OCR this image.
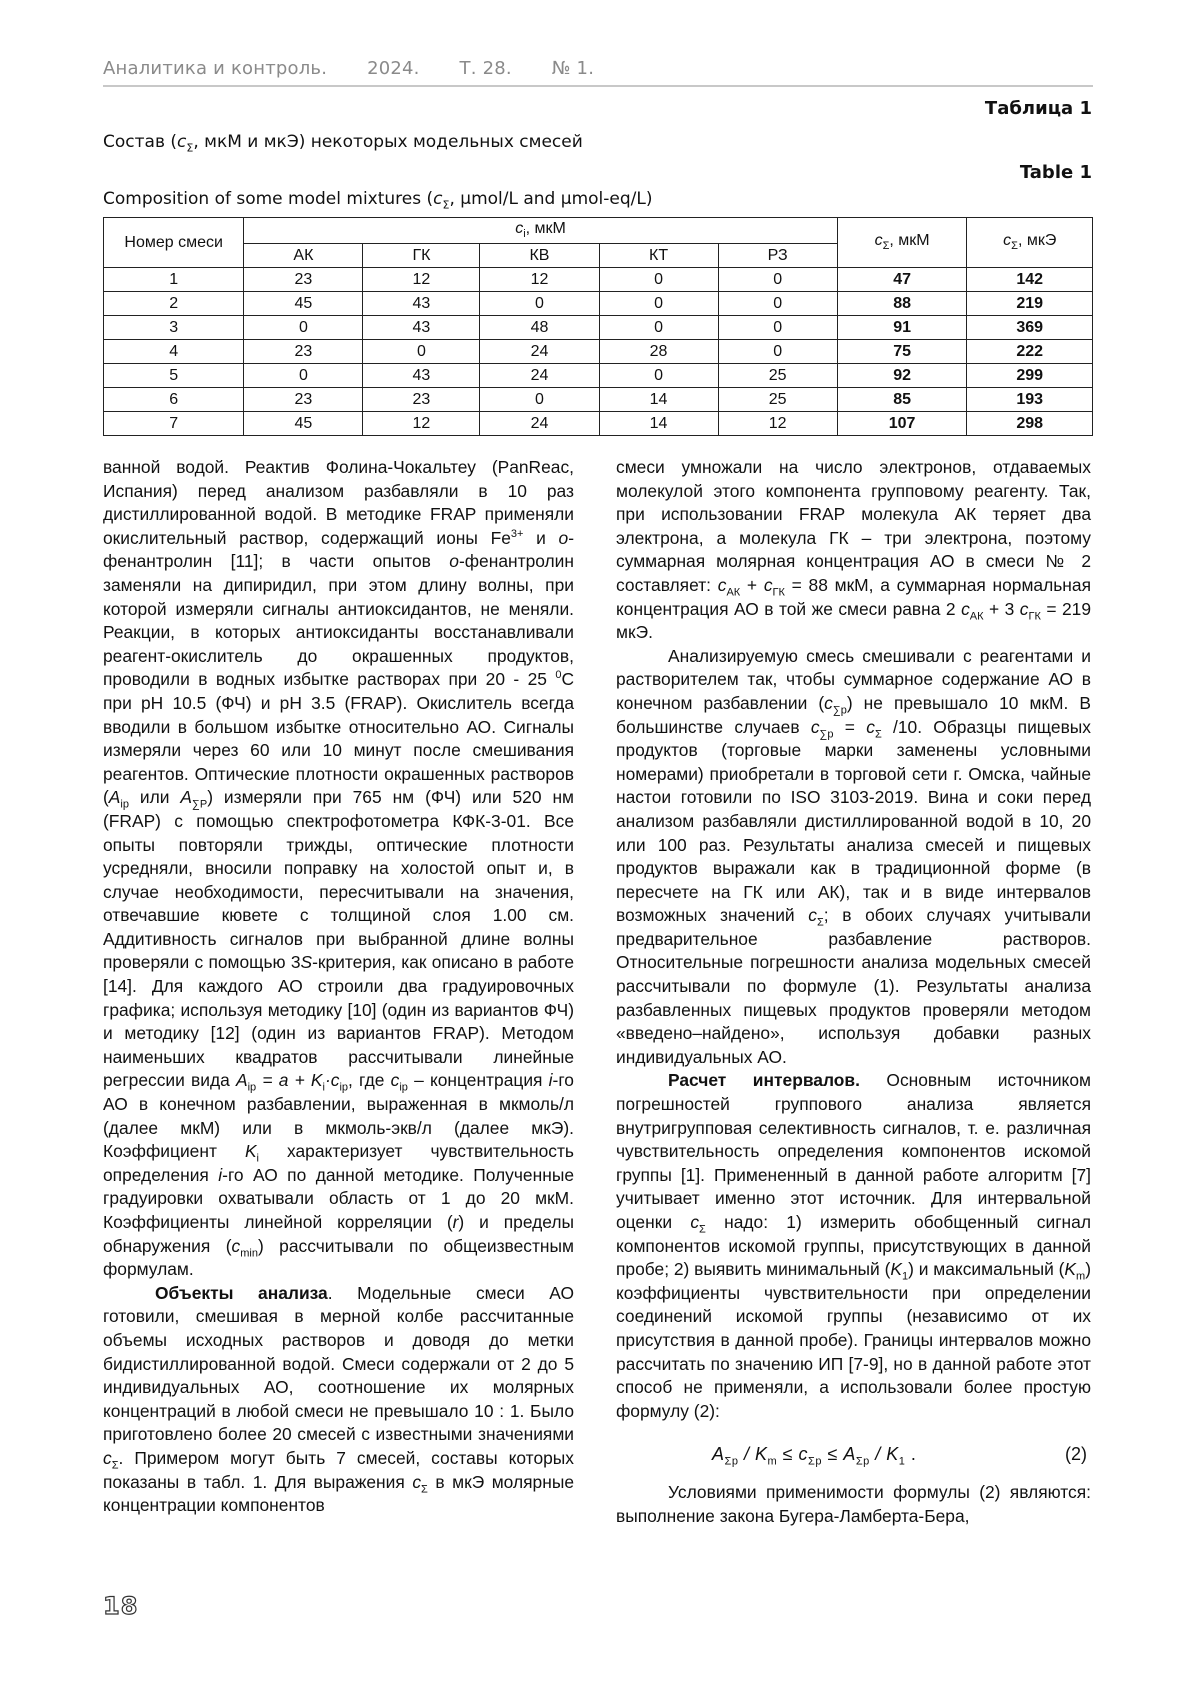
Аналитика и контроль. 2024. Т. 28. № 1.
Таблица 1
Состав ($c_\Sigma$, мкМ и мкЭ) некоторых модельных смесей
Table 1
Composition of some model mixtures ($c_\Sigma$, µmol/L and µmol-eq/L)
Номер смеси	$c_i$, мкМ					$c_\Sigma$, мкМ	$c_\Sigma$, мкЭ
	АК	ГК	КВ	КТ	РЗ		
1	23	12	12	0	0	47	142
2	45	43	0	0	0	88	219
3	0	43	48	0	0	91	369
4	23	0	24	28	0	75	222
5	0	43	24	0	25	92	299
6	23	23	0	14	25	85	193
7	45	12	24	14	12	107	298

ванной водой. Реактив Фолина-Чокальтеу (PanReac, Испания) перед анализом разбавляли в 10 раз дистиллированной водой. В методике FRAP применяли окислительный раствор, содержащий ионы $Fe^{3+}$ и о-фенантролин [11]; в части опытов о-фенантролин заменяли на дипиридил, при этом длину волны, при которой измеряли сигналы антиоксидантов, не меняли. Реакции, в которых антиоксиданты восстанавливали реагент-окислитель до окрашенных продуктов, проводили в водных избытке растворах при 20 - 25 $^0$С при pH 10.5 (ФЧ) и pH 3.5 (FRAP). Окислитель всегда вводили в большом избытке относительно АО. Сигналы измеряли через 60 или 10 минут после смешивания реагентов. Оптические плотности окрашенных растворов ($A_{ip}$ или $A_{\sum P}$) измеряли при 765 нм (ФЧ) или 520 нм (FRAP) с помощью спектрофотометра КФК-3-01. Все опыты повторяли трижды, оптические плотности усредняли, вносили поправку на холостой опыт и, в случае необходимости, пересчитывали на значения, отвечавшие кювете с толщиной слоя 1.00 см. Аддитивность сигналов при выбранной длине волны проверяли с помощью 3S-критерия, как описано в работе [14]. Для каждого АО строили два градуировочных графика; используя методику [10] (один из вариантов ФЧ) и методику [12] (один из вариантов FRAP). Методом наименьших квадратов рассчитывали линейные регрессии вида $A_{ip} = a + K_i\cdot c_{ip}$, где $c_{ip}$ – концентрация i-го АО в конечном разбавлении, выраженная в мкмоль/л (далее мкМ) или в мкмоль-экв/л (далее мкЭ). Коэффициент $K_i$ характеризует чувствительность определения i-го АО по данной методике. Полученные градуировки охватывали область от 1 до 20 мкМ. Коэффициенты линейной корреляции (r) и пределы обнаружения $(c_{min})$ рассчитывали по общеизвестным формулам.

Объекты анализа. Модельные смеси АО готовили, смешивая в мерной колбе рассчитанные объемы исходных растворов и доводя до метки бидистиллированной водой. Смеси содержали от 2 до 5 индивидуальных АО, соотношение их молярных концентраций в любой смеси не превышало 10 : 1. Было приготовлено более 20 смесей с известными значениями $c_\Sigma$. Примером могут быть 7 смесей, составы которых показаны в табл. 1. Для выражения $c_\Sigma$ в мкЭ молярные концентрации компонентов

смеси умножали на число электронов, отдаваемых молекулой этого компонента групповому реагенту. Так, при использовании FRAP молекула АК теряет два электрона, а молекула ГК – три электрона, поэтому суммарная молярная концентрация АО в смеси № 2 составляет: $с_{АК} + с_{ГК} = 88$ мкМ, а суммарная нормальная концентрация АО в той же смеси равна 2 $с_{АК} + 3$ $с_{ГК} = 219$ мкЭ.

Анализируемую смесь смешивали с реагентами и растворителем так, чтобы суммарное содержание АО в конечном разбавлении $(с_{\sum р})$ не превышало 10 мкМ. В большинстве случаев $с_{\sum р} = с_\Sigma$ /10. Образцы пищевых продуктов (торговые марки заменены условными номерами) приобретали в торговой сети г. Омска, чайные настои готовили по ISO 3103-2019. Вина и соки перед анализом разбавляли дистиллированной водой в 10, 20 или 100 раз. Результаты анализа смесей и пищевых продуктов выражали как в традиционной форме (в пересчете на ГК или АК), так и в виде интервалов возможных значений $с_\Sigma$; в обоих случаях учитывали предварительное разбавление растворов. Относительные погрешности анализа модельных смесей рассчитывали по формуле (1). Результаты анализа разбавленных пищевых продуктов проверяли методом «введено–найдено», используя добавки разных индивидуальных АО.

Расчет интервалов. Основным источником погрешностей группового анализа является внутригрупповая селективность сигналов, т. е. различная чувствительность определения компонентов искомой группы [1]. Примененный в данной работе алгоритм [7] учитывает именно этот источник. Для интервальной оценки $с_\Sigma$ надо: 1) измерить обобщенный сигнал компонентов искомой группы, присутствующих в данной пробе; 2) выявить минимальный $(K_1)$ и максимальный $(K_m)$ коэффициенты чувствительности при определении соединений искомой группы (независимо от их присутствия в данной пробе). Границы интервалов можно рассчитать по значению ИП [7-9], но в данной работе этот способ не применяли, а использовали более простую формулу (2):

$A_{\Sigma р} / K_m \le c_{\Sigma р} \le A_{\Sigma р} / K_1$ .	(2)

Условиями применимости формулы (2) являются: выполнение закона Бугера-Ламберта-Бера,

18
